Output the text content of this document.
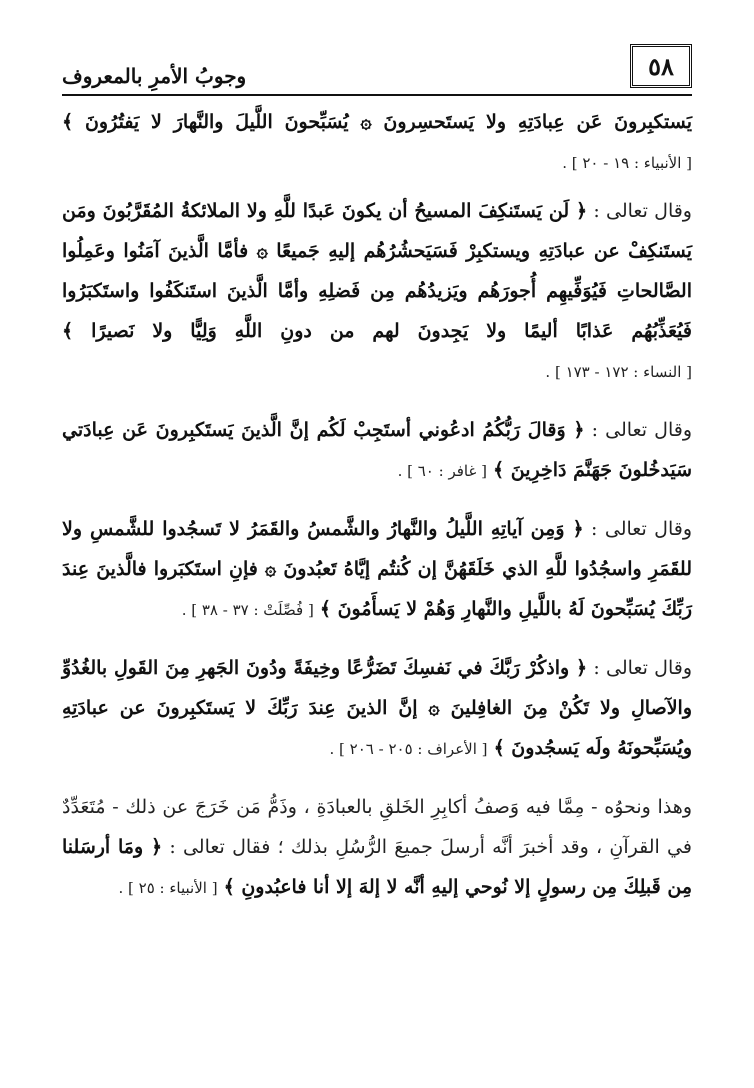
٥٨
وجوبُ الأمرِ بالمعروف

يَستكبِرونَ عَن عِبادَتِهِ ولا يَستَحسِرونَ ۞ يُسَبِّحونَ اللَّيلَ والنَّهارَ لا يَفتُرُونَ ﴾ [ الأنبياء : ١٩ - ٢٠ ] .

وقال تعالى : ﴿ لَن يَستَنكِفَ المسيحُ أن يكونَ عَبدًا للَّهِ ولا الملائكةُ المُقَرَّبُونَ ومَن يَستَنكِفْ عن عبادَتِهِ ويستكبِرْ فَسَيَحشُرُهُم إليهِ جَميعًا ۞ فأمَّا الَّذينَ آمَنُوا وعَمِلُوا الصَّالحاتِ فَيُوَفِّيهِم أُجورَهُم ويَزيدُهُم مِن فَضلِهِ وأمَّا الَّذينَ استَنكَفُوا واستَكبَرُوا فَيُعَذِّبُهُم عَذابًا أليمًا ولا يَجِدونَ لهم من دونِ اللَّهِ وَلِيًّا ولا نَصيرًا ﴾ [ النساء : ١٧٢ - ١٧٣ ] .

وقال تعالى : ﴿ وَقالَ رَبُّكُمُ ادعُوني أستَجِبْ لَكُم إنَّ الَّذينَ يَستَكبِرونَ عَن عِبادَتي سَيَدخُلونَ جَهَنَّمَ دَاخِرِينَ ﴾ [ غافر : ٦٠ ] .

وقال تعالى : ﴿ وَمِن آياتِهِ اللَّيلُ والنَّهارُ والشَّمسُ والقَمَرُ لا تَسجُدوا للشَّمسِ ولا للقَمَرِ واسجُدُوا للَّهِ الذي خَلَقَهُنَّ إن كُنتُم إيَّاهُ تَعبُدونَ ۞ فإنِ استَكبَروا فالَّذينَ عِندَ رَبِّكَ يُسَبِّحونَ لَهُ باللَّيلِ والنَّهارِ وَهُمْ لا يَسأَمُونَ ﴾ [ فُصِّلَتْ : ٣٧ - ٣٨ ] .

وقال تعالى : ﴿ واذكُرْ رَبَّكَ في نَفسِكَ تَضَرُّعًا وخِيفَةً ودُونَ الجَهرِ مِنَ القَولِ بالغُدُوِّ والآصالِ ولا تَكُنْ مِنَ الغافِلينَ ۞ إنَّ الذينَ عِندَ رَبِّكَ لا يَستَكبِرونَ عن عبادَتِهِ ويُسَبِّحونَهُ ولَه يَسجُدونَ ﴾ [ الأعراف : ٢٠٥ - ٢٠٦ ] .

وهذا ونحوُه - مِمَّا فيه وَصفُ أكابِرِ الخَلقِ بالعبادَةِ ، وذَمُّ مَن خَرَجَ عن ذلك - مُتَعَدِّدٌ في القرآنِ ، وقد أخبرَ أنَّه أرسلَ جميعَ الرُّسُلِ بذلك ؛ فقال تعالى : ﴿ ومَا أرسَلنا مِن قَبلِكَ مِن رسولٍ إلا نُوحي إليهِ أنَّه لا إلهَ إلا أنا فاعبُدونِ ﴾ [ الأنبياء : ٢٥ ] .
